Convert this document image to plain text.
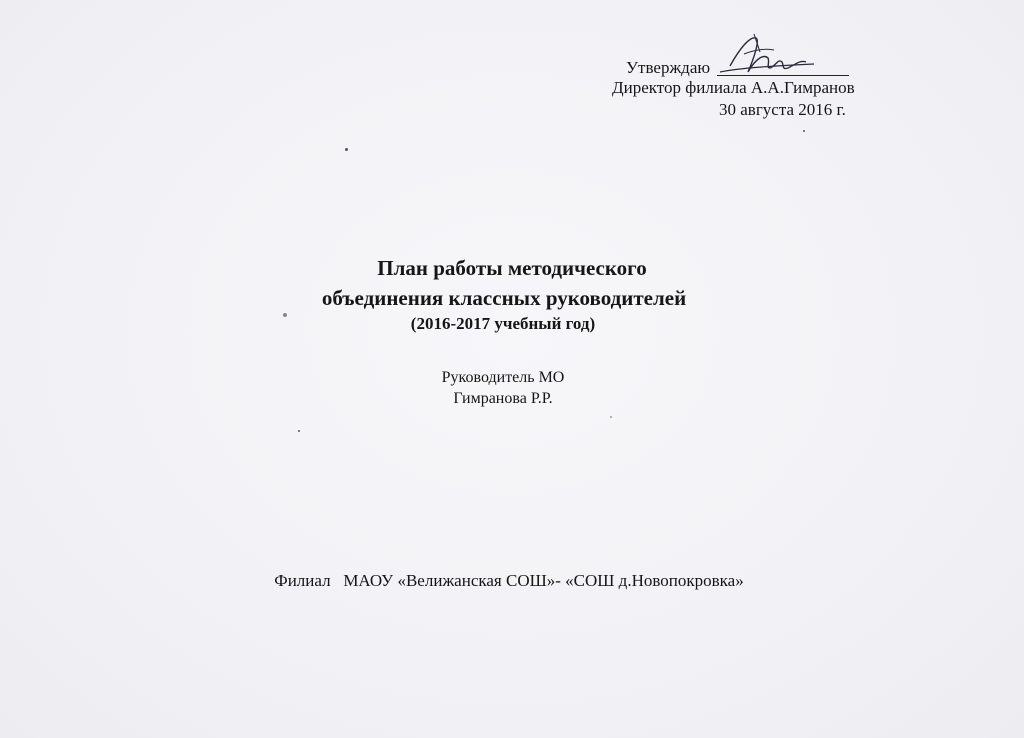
Утверждаю
Директор филиала А.А.Гимранов
30 августа 2016 г.
План работы методического
объединения классных руководителей
(2016-2017 учебный год)
Руководитель МО
Гимранова Р.Р.
Филиал   МАОУ «Велижанская СОШ»- «СОШ д.Новопокровка»
